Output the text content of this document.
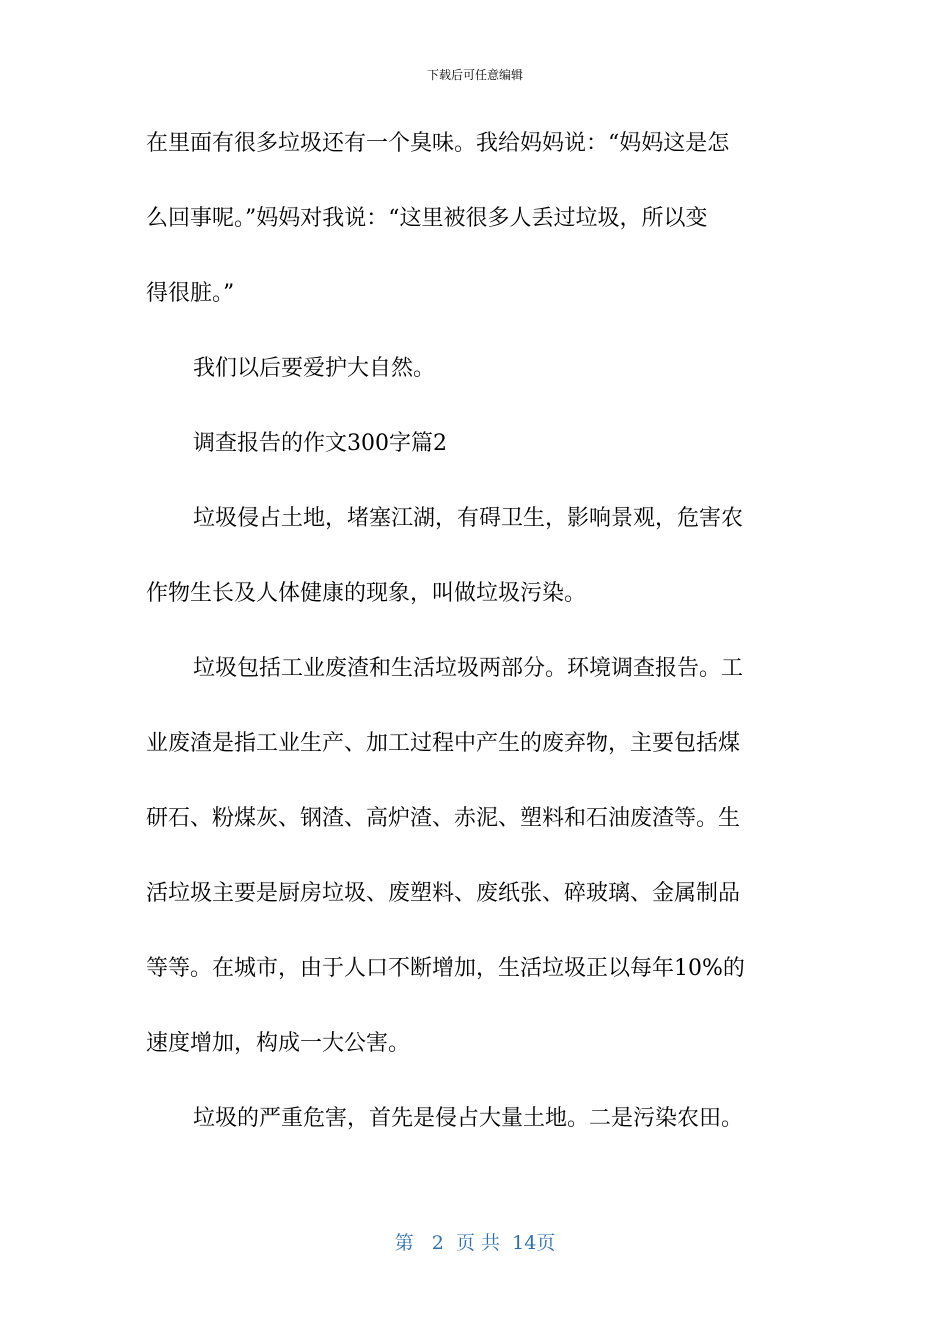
下载后可任意编辑
在里面有很多垃圾还有一个臭味。我给妈妈说：“妈妈这是怎
么回事呢。”妈妈对我说：“这里被很多人丢过垃圾，所以变
得很脏。”
我们以后要爱护大自然。
调查报告的作文300字篇2
垃圾侵占土地，堵塞江湖，有碍卫生，影响景观，危害农
作物生长及人体健康的现象，叫做垃圾污染。
垃圾包括工业废渣和生活垃圾两部分。环境调查报告。工
业废渣是指工业生产、加工过程中产生的废弃物，主要包括煤
研石、粉煤灰、钢渣、高炉渣、赤泥、塑料和石油废渣等。生
活垃圾主要是厨房垃圾、废塑料、废纸张、碎玻璃、金属制品
等等。在城市，由于人口不断增加，生活垃圾正以每年10%的
速度增加，构成一大公害。
垃圾的严重危害，首先是侵占大量土地。二是污染农田。
第 2 页 共 14页
